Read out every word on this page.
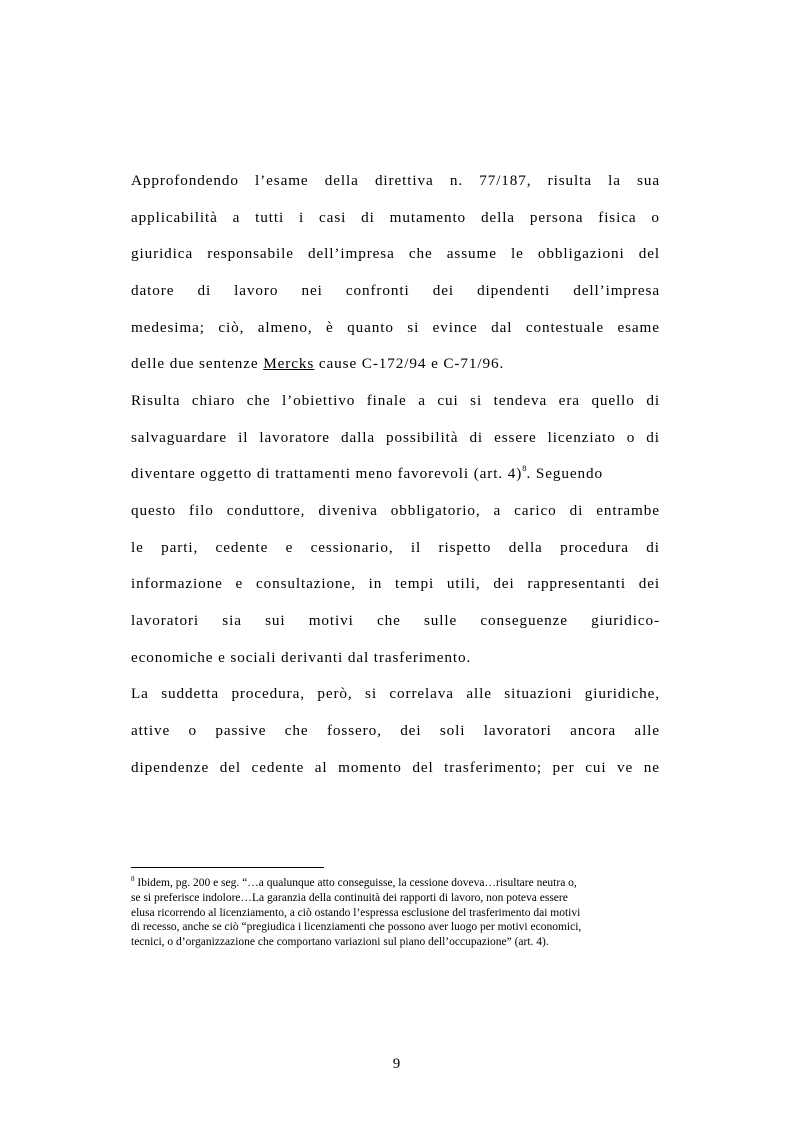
Approfondendo l’esame della direttiva n. 77/187, risulta la sua
applicabilità a tutti i casi di mutamento della persona fisica o
giuridica responsabile dell’impresa che assume le obbligazioni del
datore di lavoro nei confronti dei dipendenti dell’impresa
medesima; ciò, almeno, è quanto si evince dal contestuale esame
delle due sentenze Mercks cause C-172/94 e C-71/96.
Risulta chiaro che l’obiettivo finale a cui si tendeva era quello di
salvaguardare il lavoratore dalla possibilità di essere licenziato o di
diventare oggetto di trattamenti meno favorevoli (art. 4)$^8$. Seguendo
questo filo conduttore, diveniva obbligatorio, a carico di entrambe
le parti, cedente e cessionario, il rispetto della procedura di
informazione e consultazione, in tempi utili, dei rappresentanti dei
lavoratori sia sui motivi che sulle conseguenze giuridico-
economiche e sociali derivanti dal trasferimento.
La suddetta procedura, però, si correlava alle situazioni giuridiche,
attive o passive che fossero, dei soli lavoratori ancora alle
dipendenze del cedente al momento del trasferimento; per cui ve ne
$^8$ Ibidem, pg. 200 e seg. “…a qualunque atto conseguisse, la cessione doveva…risultare neutra o,
se si preferisce indolore…La garanzia della continuità dei rapporti di lavoro, non poteva essere
elusa ricorrendo al licenziamento, a ciò ostando l’espressa esclusione del trasferimento dai motivi
di recesso, anche se ciò “pregiudica i licenziamenti che possono aver luogo per motivi economici,
tecnici, o d’organizzazione che comportano variazioni sul piano dell’occupazione” (art. 4).
9
